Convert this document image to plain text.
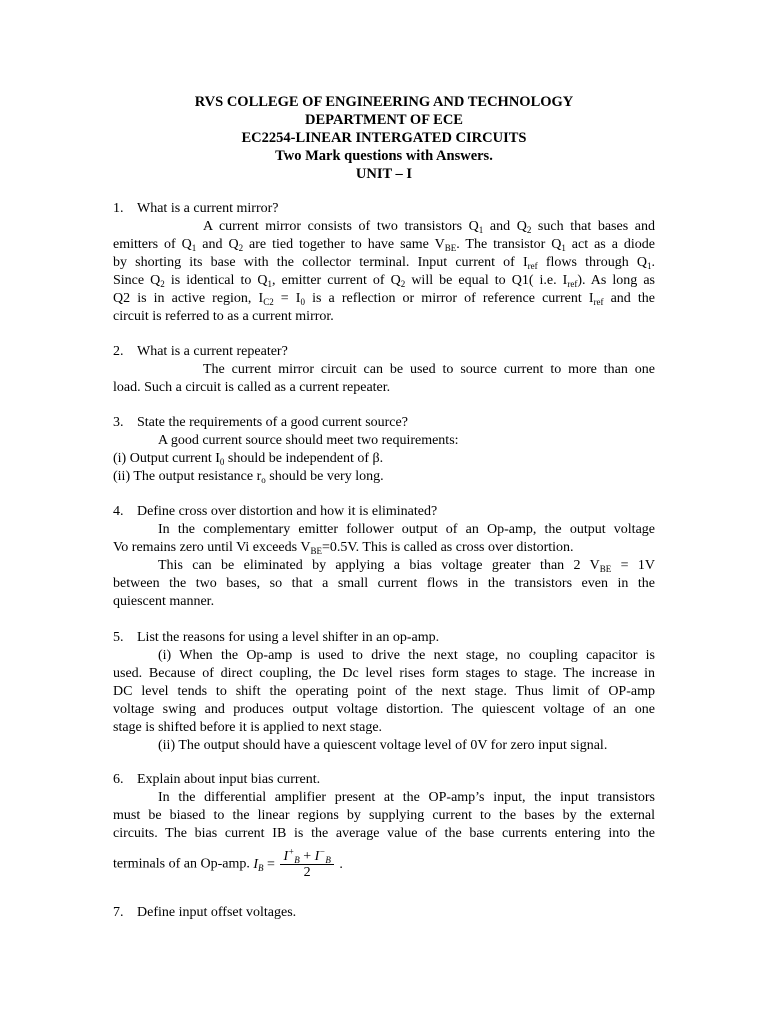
RVS COLLEGE OF ENGINEERING AND TECHNOLOGY
DEPARTMENT OF ECE
EC2254-LINEAR INTERGATED CIRCUITS
Two Mark questions with Answers.
UNIT – I
1. What is a current mirror?
A current mirror consists of two transistors $Q_1$ and $Q_2$ such that bases and
emitters of $Q_1$ and $Q_2$ are tied together to have same $V_{BE}$. The transistor $Q_1$ act as a diode
by shorting its base with the collector terminal. Input current of $I_{ref}$ flows through $Q_1$.
Since $Q_2$ is identical to $Q_1$, emitter current of $Q_2$ will be equal to Q1( i.e. $I_{ref}$). As long as
Q2 is in active region, $I_{C2} = I_0$ is a reflection or mirror of reference current $I_{ref}$ and the
circuit is referred to as a current mirror.
2. What is a current repeater?
The current mirror circuit can be used to source current to more than one
load. Such a circuit is called as a current repeater.
3. State the requirements of a good current source?
A good current source should meet two requirements:
(i) Output current $I_0$ should be independent of β.
(ii) The output resistance $r_o$ should be very long.
4. Define cross over distortion and how it is eliminated?
In the complementary emitter follower output of an Op-amp, the output voltage
Vo remains zero until Vi exceeds $V_{BE}=0.5V$. This is called as cross over distortion.
This can be eliminated by applying a bias voltage greater than 2 $V_{BE} = 1V$
between the two bases, so that a small current flows in the transistors even in the
quiescent manner.
5. List the reasons for using a level shifter in an op-amp.
(i) When the Op-amp is used to drive the next stage, no coupling capacitor is
used. Because of direct coupling, the Dc level rises form stages to stage. The increase in
DC level tends to shift the operating point of the next stage. Thus limit of OP-amp
voltage swing and produces output voltage distortion. The quiescent voltage of an one
stage is shifted before it is applied to next stage.
(ii) The output should have a quiescent voltage level of 0V for zero input signal.
6. Explain about input bias current.
In the differential amplifier present at the OP-amp’s input, the input transistors
must be biased to the linear regions by supplying current to the bases by the external
circuits. The bias current IB is the average value of the base currents entering into the
terminals of an Op-amp. $I_B = \frac{I^+_B + I^-_B}{2}$ .
7. Define input offset voltages.
